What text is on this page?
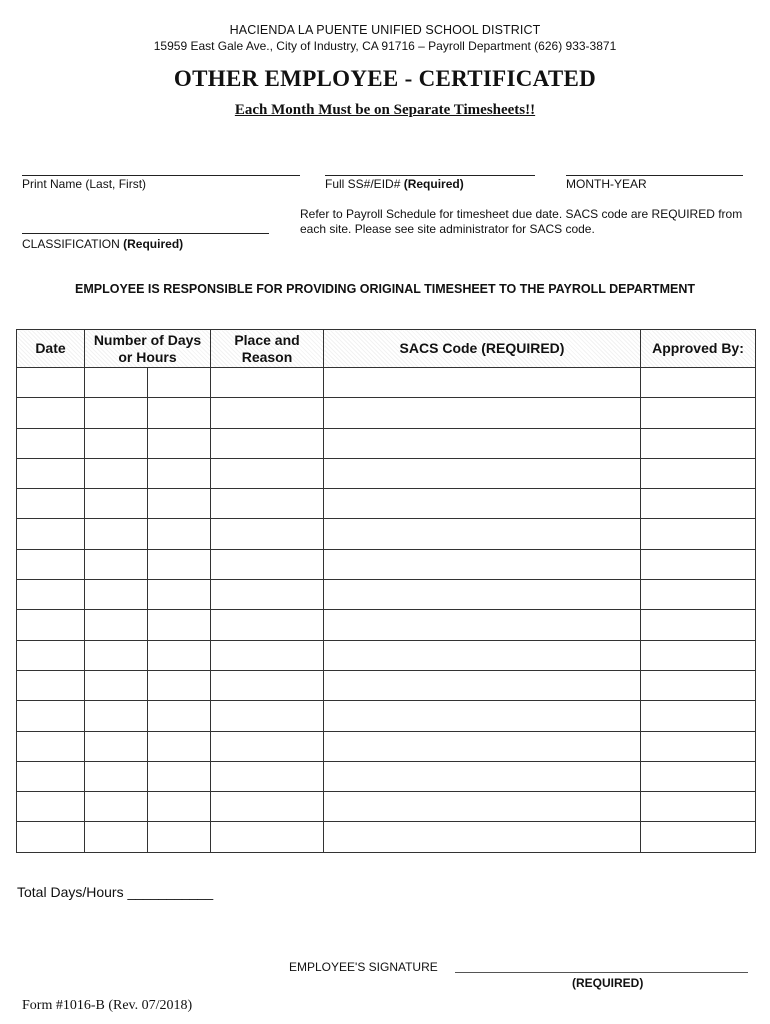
HACIENDA LA PUENTE UNIFIED SCHOOL DISTRICT
15959 East Gale Ave., City of Industry, CA 91716 – Payroll Department (626) 933-3871
OTHER EMPLOYEE - CERTIFICATED
Each Month Must be on Separate Timesheets!!
Print Name (Last, First)	Full SS#/EID# (Required)	MONTH-YEAR
Refer to Payroll Schedule for timesheet due date. SACS code are REQUIRED from each site. Please see site administrator for SACS code.
CLASSIFICATION (Required)
EMPLOYEE IS RESPONSIBLE FOR PROVIDING ORIGINAL TIMESHEET TO THE PAYROLL DEPARTMENT
Date	Number of Days or Hours		Place and Reason	SACS Code (REQUIRED)	Approved By:

Total Days/Hours ___________
EMPLOYEE'S SIGNATURE
(REQUIRED)
Form #1016-B (Rev. 07/2018)
